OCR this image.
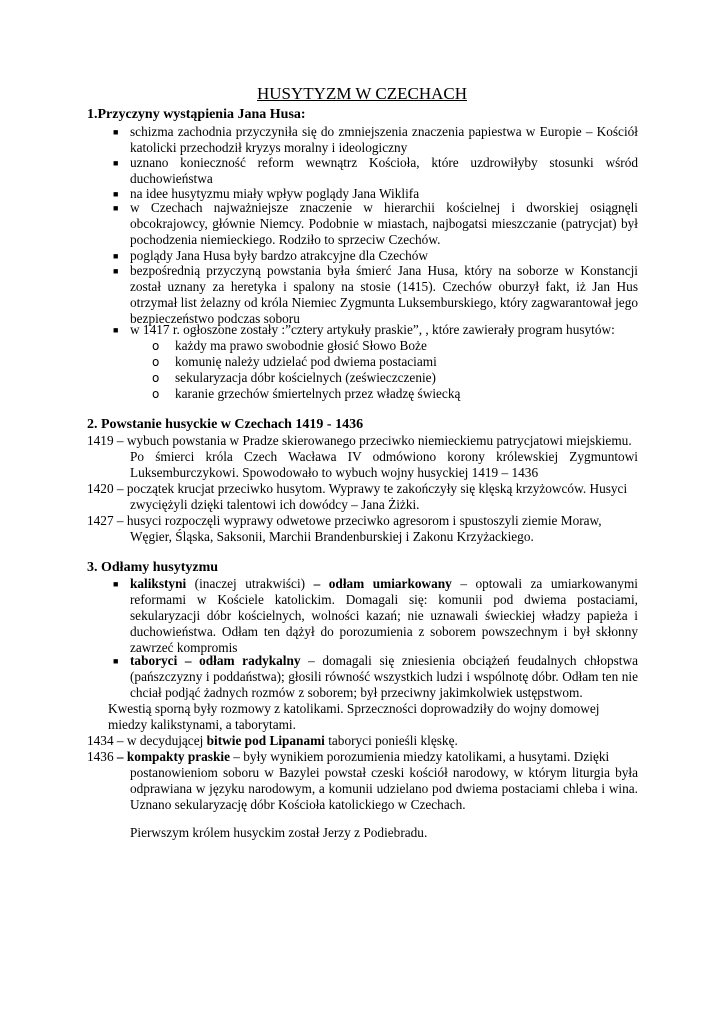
HUSYTYZM W CZECHACH
1.Przyczyny wystąpienia Jana Husa:
■ schizma zachodnia przyczyniła się do zmniejszenia znaczenia papiestwa w Europie – Kościół katolicki przechodził kryzys moralny i ideologiczny
■ uznano konieczność reform wewnątrz Kościoła, które uzdrowiłyby stosunki wśród duchowieństwa
■ na idee husytyzmu miały wpływ poglądy Jana Wiklifa
■ w Czechach najważniejsze znaczenie w hierarchii kościelnej i dworskiej osiągnęli obcokrajowcy, głównie Niemcy. Podobnie w miastach, najbogatsi mieszczanie (patrycjat) był pochodzenia niemieckiego. Rodziło to sprzeciw Czechów.
■ poglądy Jana Husa były bardzo atrakcyjne dla Czechów
■ bezpośrednią przyczyną powstania była śmierć Jana Husa, który na soborze w Konstancji został uznany za heretyka i spalony na stosie (1415). Czechów oburzył fakt, iż Jan Hus otrzymał list żelazny od króla Niemiec Zygmunta Luksemburskiego, który zagwarantował jego bezpieczeństwo podczas soboru
■ w 1417 r. ogłoszone zostały :”cztery artykuły praskie”, , które zawierały program husytów:
o każdy ma prawo swobodnie głosić Słowo Boże
o komunię należy udzielać pod dwiema postaciami
o sekularyzacja dóbr kościelnych (ześwieczczenie)
o karanie grzechów śmiertelnych przez władzę świecką
2. Powstanie husyckie w Czechach 1419 - 1436
1419 – wybuch powstania w Pradze skierowanego przeciwko niemieckiemu patrycjatowi miejskiemu.
Po śmierci króla Czech Wacława IV odmówiono korony królewskiej Zygmuntowi Luksemburczykowi. Spowodowało to wybuch wojny husyckiej 1419 – 1436
1420 – początek krucjat przeciwko husytom. Wyprawy te zakończyły się klęską krzyżowców. Husyci
zwyciężyli dzięki talentowi ich dowódcy – Jana Żiżki.
1427 – husyci rozpoczęli wyprawy odwetowe przeciwko agresorom i spustoszyli ziemie Moraw,
Węgier, Śląska, Saksonii, Marchii Brandenburskiej i Zakonu Krzyżackiego.
3. Odłamy husytyzmu
■ kalikstyni (inaczej utrakwiści) – odłam umiarkowany – optowali za umiarkowanymi reformami w Kościele katolickim. Domagali się: komunii pod dwiema postaciami, sekularyzacji dóbr kościelnych, wolności kazań; nie uznawali świeckiej władzy papieża i duchowieństwa. Odłam ten dążył do porozumienia z soborem powszechnym i był skłonny zawrzeć kompromis
■ taboryci – odłam radykalny – domagali się zniesienia obciążeń feudalnych chłopstwa (pańszczyzny i poddaństwa); głosili równość wszystkich ludzi i wspólnotę dóbr. Odłam ten nie chciał podjąć żadnych rozmów z soborem; był przeciwny jakimkolwiek ustępstwom.
Kwestią sporną były rozmowy z katolikami. Sprzeczności doprowadziły do wojny domowej
miedzy kalikstynami, a taborytami.
1434 – w decydującej bitwie pod Lipanami taboryci ponieśli klęskę.
1436 – kompakty praskie – były wynikiem porozumienia miedzy katolikami, a husytami. Dzięki
postanowieniom soboru w Bazylei powstał czeski kościół narodowy, w którym liturgia była odprawiana w języku narodowym, a komunii udzielano pod dwiema postaciami chleba i wina. Uznano sekularyzację dóbr Kościoła katolickiego w Czechach.
Pierwszym królem husyckim został Jerzy z Podiebradu.
